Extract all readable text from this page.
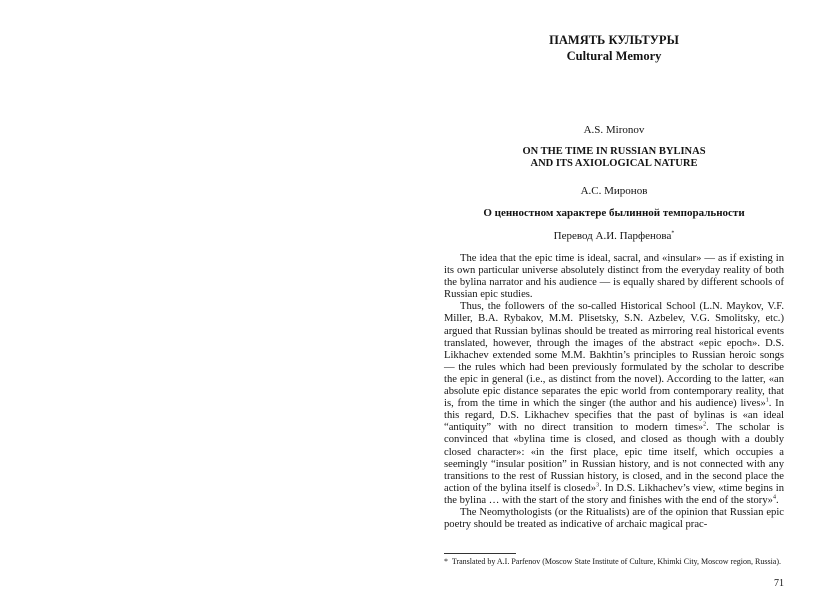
ПАМЯТЬ КУЛЬТУРЫ
Cultural Memory
A.S. Mironov
ON THE TIME IN RUSSIAN BYLINAS
AND ITS AXIOLOGICAL NATURE
А.С. Миронов
О ценностном характере былинной темпоральности
Перевод А.И. Парфенова*

The idea that the epic time is ideal, sacral, and «insular» — as if existing in its own particular universe absolutely distinct from the everyday reality of both the bylina narrator and his audience — is equally shared by different schools of Russian epic studies.

Thus, the followers of the so-called Historical School (L.N. Maykov, V.F. Miller, B.A. Rybakov, M.M. Plisetsky, S.N. Azbelev, V.G. Smolitsky, etc.) argued that Russian bylinas should be treated as mirroring real historical events translated, however, through the images of the abstract «epic epoch». D.S. Likhachev extended some M.M. Bakhtin’s principles to Russian heroic songs — the rules which had been previously formulated by the scholar to describe the epic in general (i.e., as distinct from the novel). According to the latter, «an absolute epic distance separates the epic world from contemporary reality, that is, from the time in which the singer (the author and his audience) lives»$^1$. In this regard, D.S. Likhachev specifies that the past of bylinas is «an ideal “antiquity” with no direct transition to modern times»$^2$. The scholar is convinced that «bylina time is closed, and closed as though with a doubly closed character»: «in the first place, epic time itself, which occupies a seemingly “insular position” in Russian history, and is not connected with any transitions to the rest of Russian history, is closed, and in the second place the action of the bylina itself is closed»$^3$. In D.S. Likhachev’s view, «time begins in the bylina … with the start of the story and finishes with the end of the story»$^4$.

The Neomythologists (or the Ritualists) are of the opinion that Russian epic poetry should be treated as indicative of archaic magical prac-

* Translated by A.I. Parfenov (Moscow State Institute of Culture, Khimki City, Moscow region, Russia).
71
